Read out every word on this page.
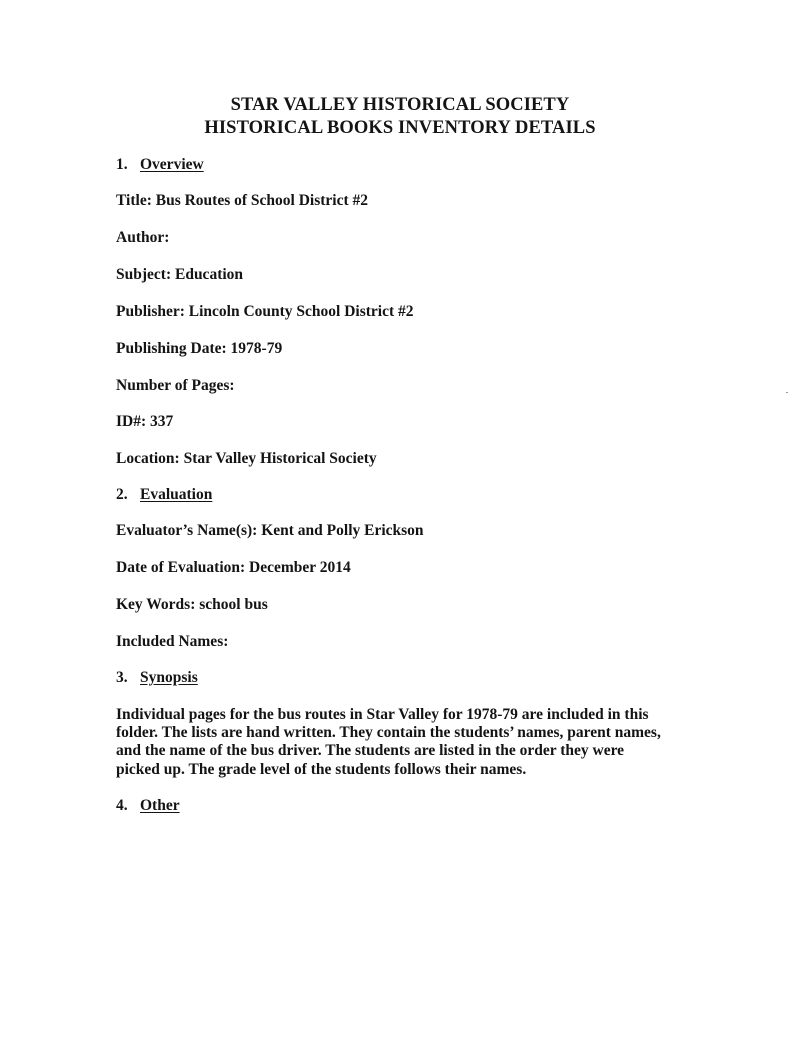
STAR VALLEY HISTORICAL SOCIETY
HISTORICAL BOOKS INVENTORY DETAILS
1. Overview
Title: Bus Routes of School District #2
Author:
Subject: Education
Publisher: Lincoln County School District #2
Publishing Date: 1978-79
Number of Pages:
ID#: 337
Location: Star Valley Historical Society
2. Evaluation
Evaluator’s Name(s): Kent and Polly Erickson
Date of Evaluation: December 2014
Key Words: school bus
Included Names:
3. Synopsis
Individual pages for the bus routes in Star Valley for 1978-79 are included in this
folder. The lists are hand written. They contain the students’ names, parent names,
and the name of the bus driver. The students are listed in the order they were
picked up. The grade level of the students follows their names.
4. Other
